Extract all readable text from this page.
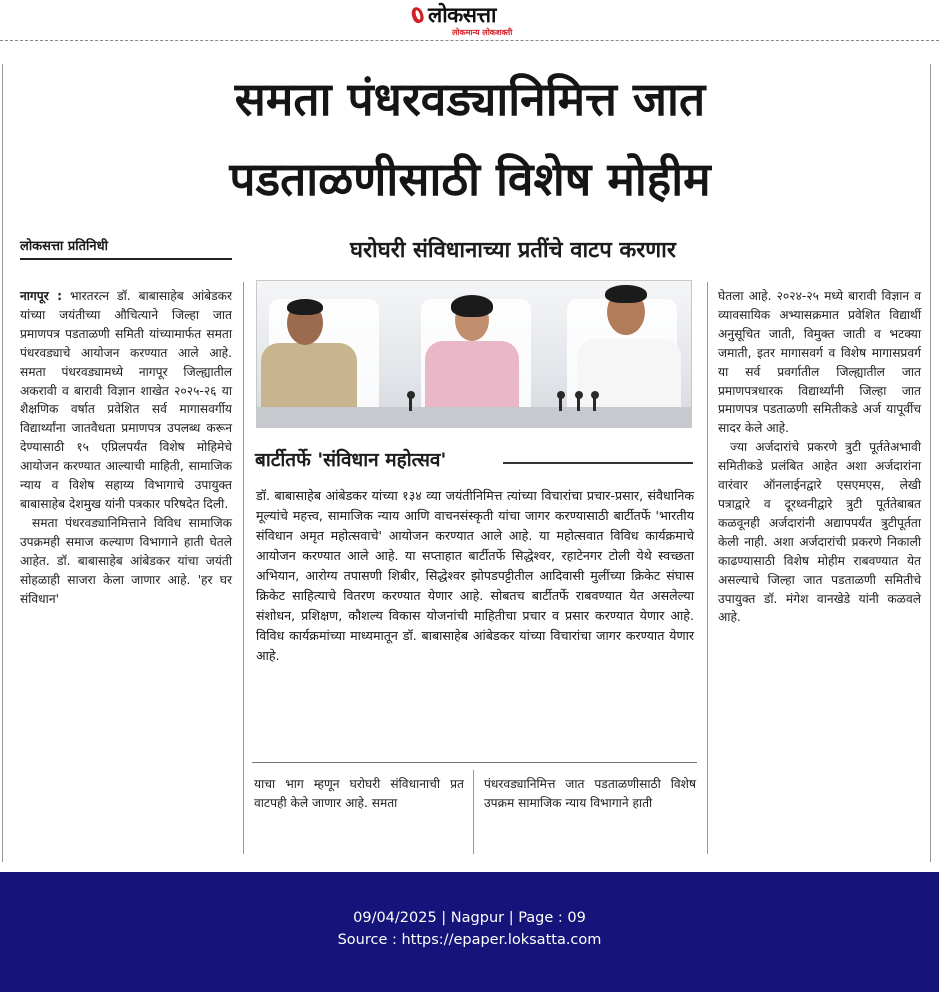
लोकसत्ता
लोकमान्य लोकशक्ती
समता पंधरवड्यानिमित्त जात
पडताळणीसाठी विशेष मोहीम
लोकसत्ता प्रतिनिधी	घरोघरी संविधानाच्या प्रतींचे वाटप करणार

नागपूर : भारतरत्न डॉ. बाबासाहेब आंबेडकर यांच्या जयंतीच्या औचित्याने जिल्हा जात प्रमाणपत्र पडताळणी समिती यांच्यामार्फत समता पंधरवड्याचे आयोजन करण्यात आले आहे. समता पंधरवड्यामध्ये नागपूर जिल्ह्यातील अकरावी व बारावी विज्ञान शाखेत २०२५-२६ या शैक्षणिक वर्षात प्रवेशित सर्व मागासवर्गीय विद्यार्थ्यांना जातवैधता प्रमाणपत्र उपलब्ध करून देण्यासाठी १५ एप्रिलपर्यंत विशेष मोहिमेचे आयोजन करण्यात आल्याची माहिती, सामाजिक न्याय व विशेष सहाय्य विभागाचे उपायुक्त बाबासाहेब देशमुख यांनी पत्रकार परिषदेत दिली.

समता पंधरवड्यानिमित्ताने विविध सामाजिक उपक्रमही समाज कल्याण विभागाने हाती घेतले आहेत. डॉ. बाबासाहेब आंबेडकर यांचा जयंती सोहळाही साजरा केला जाणार आहे. 'हर घर संविधान'

बार्टीतर्फे 'संविधान महोत्सव'
डॉ. बाबासाहेब आंबेडकर यांच्या १३४ व्या जयंतीनिमित्त त्यांच्या विचारांचा प्रचार-प्रसार, संवैधानिक मूल्यांचे महत्त्व, सामाजिक न्याय आणि वाचनसंस्कृती यांचा जागर करण्यासाठी बार्टीतर्फे 'भारतीय संविधान अमृत महोत्सवाचे' आयोजन करण्यात आले आहे. या महोत्सवात विविध कार्यक्रमाचे आयोजन करण्यात आले आहे. या सप्ताहात बार्टीतर्फे सिद्धेश्वर, रहाटेनगर टोली येथे स्वच्छता अभियान, आरोग्य तपासणी शिबीर, सिद्धेश्वर झोपडपट्टीतील आदिवासी मुलींच्या क्रिकेट संघास क्रिकेट साहित्याचे वितरण करण्यात येणार आहे. सोबतच बार्टीतर्फे राबवण्यात येत असलेल्या संशोधन, प्रशिक्षण, कौशल्य विकास योजनांची माहितीचा प्रचार व प्रसार करण्यात येणार आहे. विविध कार्यक्रमांच्या माध्यमातून डॉ. बाबासाहेब आंबेडकर यांच्या विचारांचा जागर करण्यात येणार आहे.
याचा भाग म्हणून घरोघरी संविधानाची प्रत वाटपही केले जाणार आहे. समता
पंधरवड्यानिमित्त जात पडताळणीसाठी विशेष उपक्रम सामाजिक न्याय विभागाने हाती

घेतला आहे. २०२४-२५ मध्ये बारावी विज्ञान व व्यावसायिक अभ्यासक्रमात प्रवेशित विद्यार्थी अनुसूचित जाती, विमुक्त जाती व भटक्या जमाती, इतर मागासवर्ग व विशेष मागासप्रवर्ग या सर्व प्रवर्गातील जिल्ह्यातील जात प्रमाणपत्रधारक विद्यार्थ्यांनी जिल्हा जात प्रमाणपत्र पडताळणी समितीकडे अर्ज यापूर्वीच सादर केले आहे.

ज्या अर्जदारांचे प्रकरणे त्रुटी पूर्ततेअभावी समितीकडे प्रलंबित आहेत अशा अर्जदारांना वारंवार ऑनलाईनद्वारे एसएमएस, लेखी पत्राद्वारे व दूरध्वनीद्वारे त्रुटी पूर्ततेबाबत कळवूनही अर्जदारांनी अद्यापपर्यंत त्रुटीपूर्तता केली नाही. अशा अर्जदारांची प्रकरणे निकाली काढण्यासाठी विशेष मोहीम राबवण्यात येत असल्याचे जिल्हा जात पडताळणी समितीचे उपायुक्त डॉ. मंगेश वानखेडे यांनी कळवले आहे.

09/04/2025 | Nagpur | Page : 09
Source : https://epaper.loksatta.com
